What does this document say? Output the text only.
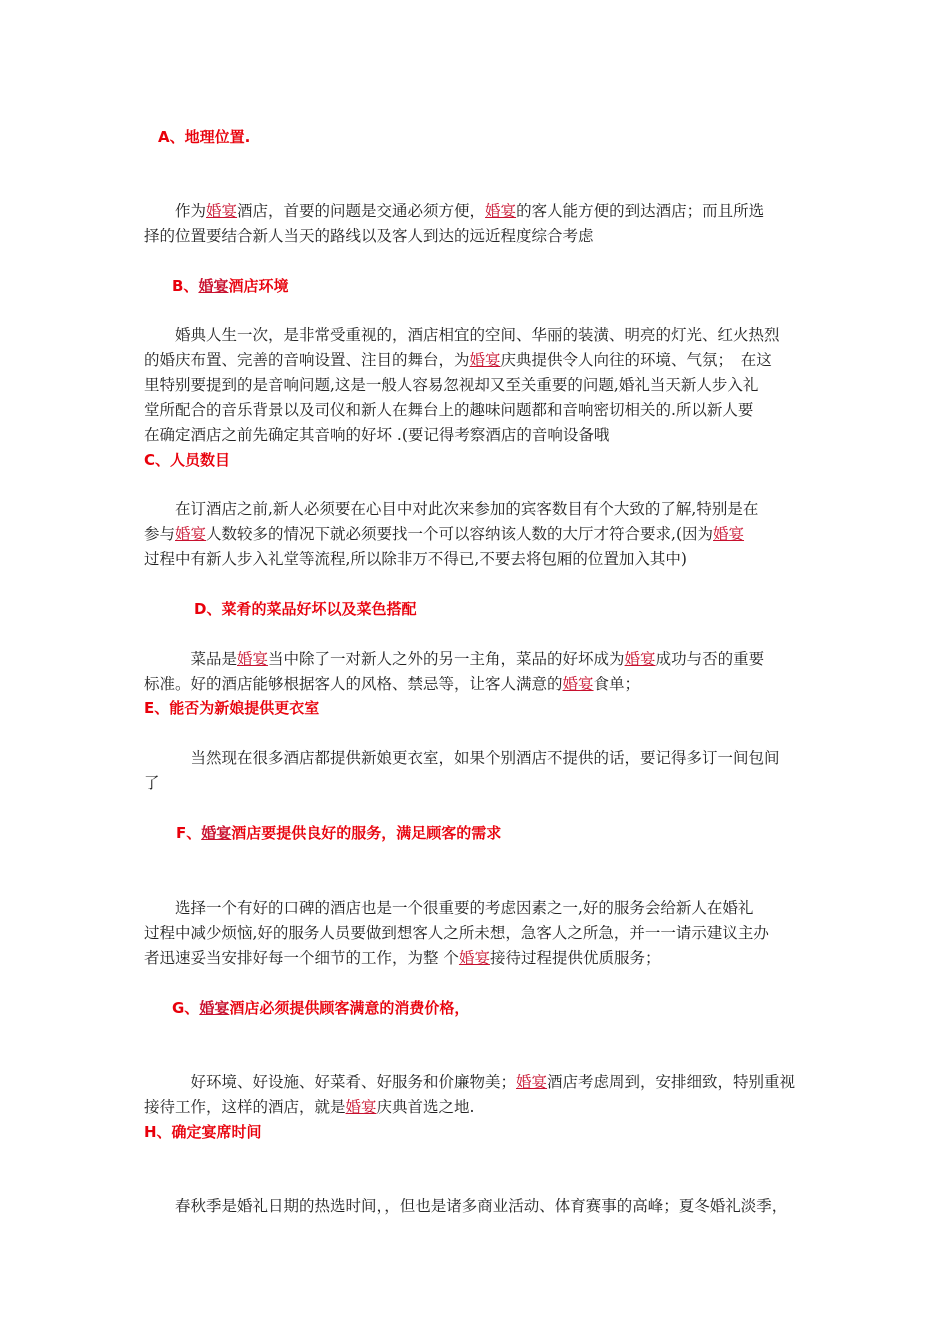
A、地理位置.
　　作为婚宴酒店，首要的问题是交通必须方便，婚宴的客人能方便的到达酒店；而且所选
择的位置要结合新人当天的路线以及客人到达的远近程度综合考虑
B、婚宴酒店环境
　　婚典人生一次，是非常受重视的，酒店相宜的空间、华丽的装潢、明亮的灯光、红火热烈
的婚庆布置、完善的音响设置、注目的舞台，为婚宴庆典提供令人向往的环境、气氛；　在这
里特别要提到的是音响问题,这是一般人容易忽视却又至关重要的问题,婚礼当天新人步入礼
堂所配合的音乐背景以及司仪和新人在舞台上的趣味问题都和音响密切相关的.所以新人要
在确定酒店之前先确定其音响的好坏 .(要记得考察酒店的音响设备哦
C、人员数目
　　在订酒店之前,新人必须要在心目中对此次来参加的宾客数目有个大致的了解,特别是在
参与婚宴人数较多的情况下就必须要找一个可以容纳该人数的大厅才符合要求,(因为婚宴
过程中有新人步入礼堂等流程,所以除非万不得已,不要去将包厢的位置加入其中)
D、菜肴的菜品好坏以及菜色搭配
　　　菜品是婚宴当中除了一对新人之外的另一主角，菜品的好坏成为婚宴成功与否的重要
标准。好的酒店能够根据客人的风格、禁忌等，让客人满意的婚宴食单；
E、能否为新娘提供更衣室
　　　当然现在很多酒店都提供新娘更衣室，如果个别酒店不提供的话，要记得多订一间包间
了
F、婚宴酒店要提供良好的服务，满足顾客的需求
　　选择一个有好的口碑的酒店也是一个很重要的考虑因素之一,好的服务会给新人在婚礼
过程中减少烦恼,好的服务人员要做到想客人之所未想，急客人之所急，并一一请示建议主办
者迅速妥当安排好每一个细节的工作，为整 个婚宴接待过程提供优质服务；
G、婚宴酒店必须提供顾客满意的消费价格，
　　　好环境、好设施、好菜肴、好服务和价廉物美；婚宴酒店考虑周到，安排细致，特别重视
接待工作，这样的酒店，就是婚宴庆典首选之地.
H、确定宴席时间
　　春秋季是婚礼日期的热选时间，，但也是诸多商业活动、体育赛事的高峰；夏冬婚礼淡季，
